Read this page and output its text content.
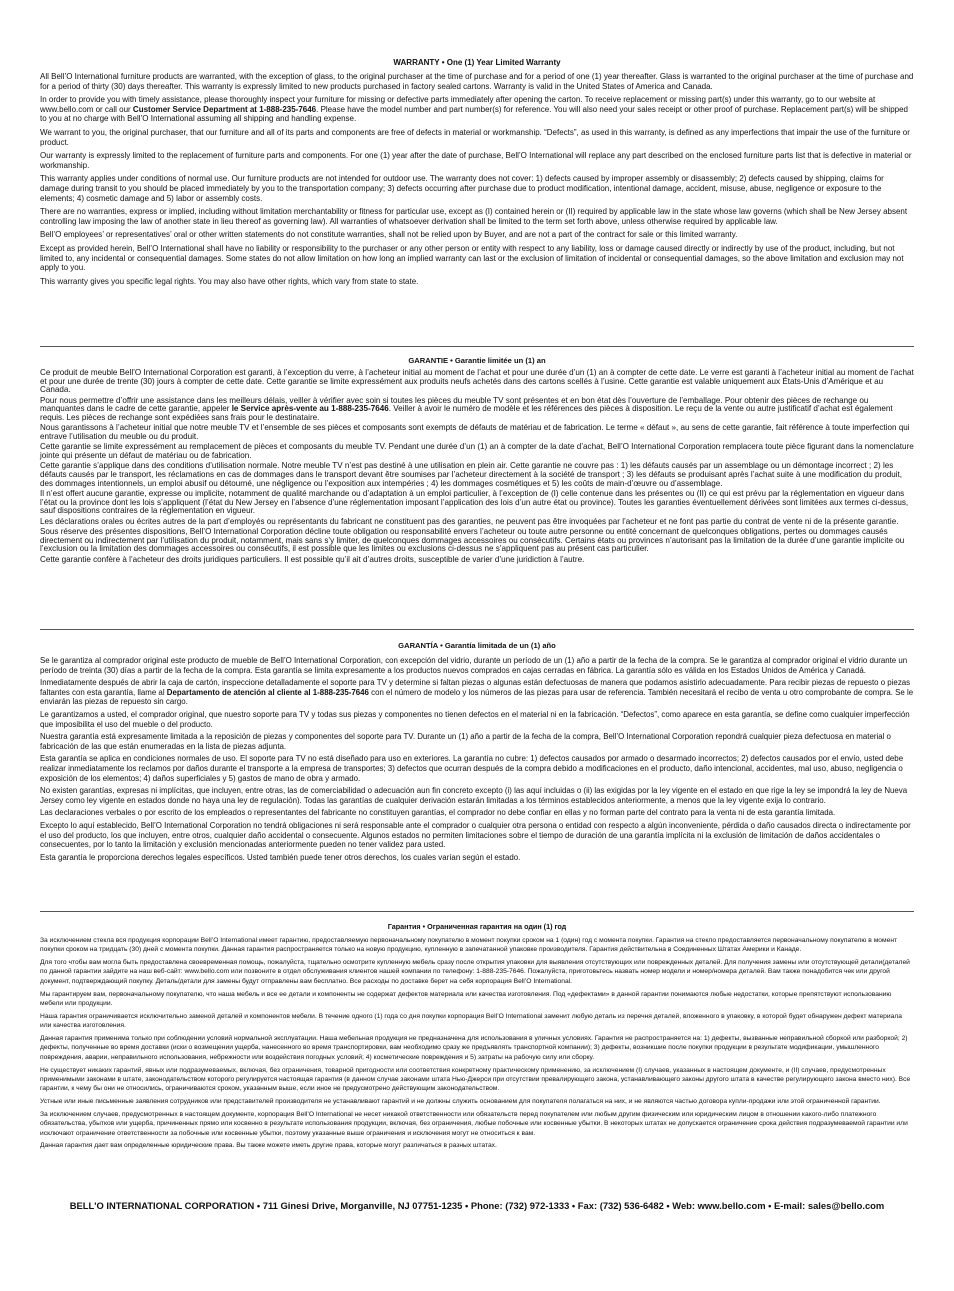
WARRANTY • One (1) Year Limited Warranty

All Bell’O International furniture products are warranted, with the exception of glass, to the original purchaser at the time of purchase and for a period of one (1) year thereafter. Glass is warranted to the original purchaser at the time of purchase and for a period of thirty (30) days thereafter. This warranty is expressly limited to new products purchased in factory sealed cartons. Warranty is valid in the United States of America and Canada.

In order to provide you with timely assistance, please thoroughly inspect your furniture for missing or defective parts immediately after opening the carton. To receive replacement or missing part(s) under this warranty, go to our website at www.bello.com or call our Customer Service Department at 1-888-235-7646. Please have the model number and part number(s) for reference. You will also need your sales receipt or other proof of purchase. Replacement part(s) will be shipped to you at no charge with Bell’O International assuming all shipping and handling expense.

We warrant to you, the original purchaser, that our furniture and all of its parts and components are free of defects in material or workmanship. “Defects”, as used in this warranty, is defined as any imperfections that impair the use of the furniture or product.

Our warranty is expressly limited to the replacement of furniture parts and components. For one (1) year after the date of purchase, Bell’O International will replace any part described on the enclosed furniture parts list that is defective in material or workmanship.

This warranty applies under conditions of normal use. Our furniture products are not intended for outdoor use. The warranty does not cover: 1) defects caused by improper assembly or disassembly; 2) defects caused by shipping, claims for damage during transit to you should be placed immediately by you to the transportation company; 3) defects occurring after purchase due to product modification, intentional damage, accident, misuse, abuse, negligence or exposure to the elements; 4) cosmetic damage and 5) labor or assembly costs.

There are no warranties, express or implied, including without limitation merchantability or fitness for particular use, except as (I) contained herein or (II) required by applicable law in the state whose law governs (which shall be New Jersey absent controlling law imposing the law of another state in lieu thereof as governing law). All warranties of whatsoever derivation shall be limited to the term set forth above, unless otherwise required by applicable law.

Bell’O employees’ or representatives’ oral or other written statements do not constitute warranties, shall not be relied upon by Buyer, and are not a part of the contract for sale or this limited warranty.

Except as provided herein, Bell’O International shall have no liability or responsibility to the purchaser or any other person or entity with respect to any liability, loss or damage caused directly or indirectly by use of the product, including, but not limited to, any incidental or consequential damages. Some states do not allow limitation on how long an implied warranty can last or the exclusion of limitation of incidental or consequential damages, so the above limitation and exclusion may not apply to you.

This warranty gives you specific legal rights. You may also have other rights, which vary from state to state.

GARANTIE • Garantie limitée un (1) an

Ce produit de meuble Bell’O International Corporation est garanti, à l’exception du verre, à l’acheteur initial au moment de l’achat et pour une durée d’un (1) an à compter de cette date. Le verre est garanti à l’acheteur initial au moment de l’achat et pour une durée de trente (30) jours à compter de cette date. Cette garantie se limite expressément aux produits neufs achetés dans des cartons scellés à l’usine. Cette garantie est valable uniquement aux États-Unis d’Amérique et au Canada.

Pour nous permettre d’offrir une assistance dans les meilleurs délais, veiller à vérifier avec soin si toutes les pièces du meuble TV sont présentes et en bon état dès l’ouverture de l’emballage. Pour obtenir des pièces de rechange ou manquantes dans le cadre de cette garantie, appeler le Service après-vente au 1-888-235-7646. Veiller à avoir le numéro de modèle et les références des pièces à disposition. Le reçu de la vente ou autre justificatif d’achat est également requis. Les pièces de rechange sont expédiées sans frais pour le destinataire.

Nous garantissons à l’acheteur initial que notre meuble TV et l’ensemble de ses pièces et composants sont exempts de défauts de matériau et de fabrication. Le terme « défaut », au sens de cette garantie, fait référence à toute imperfection qui entrave l’utilisation du meuble ou du produit.

Cette garantie se limite expressément au remplacement de pièces et composants du meuble TV. Pendant une durée d’un (1) an à compter de la date d’achat, Bell’O International Corporation remplacera toute pièce figurant dans la nomenclature jointe qui présente un défaut de matériau ou de fabrication.

Cette garantie s’applique dans des conditions d’utilisation normale. Notre meuble TV n’est pas destiné à une utilisation en plein air. Cette garantie ne couvre pas : 1) les défauts causés par un assemblage ou un démontage incorrect ; 2) les défauts causés par le transport, les réclamations en cas de dommages dans le transport devant être soumises par l’acheteur directement à la société de transport ; 3) les défauts se produisant après l’achat suite à une modification du produit, des dommages intentionnels, un emploi abusif ou détourné, une négligence ou l’exposition aux intempéries ; 4) les dommages cosmétiques et 5) les coûts de main-d’œuvre ou d’assemblage.

Il n’est offert aucune garantie, expresse ou implicite, notamment de qualité marchande ou d’adaptation à un emploi particulier, à l’exception de (I) celle contenue dans les présentes ou (II) ce qui est prévu par la réglementation en vigueur dans l’état ou la province dont les lois s’appliquent (l’état du New Jersey en l’absence d’une réglementation imposant l’application des lois d’un autre état ou province). Toutes les garanties éventuellement dérivées sont limitées aux termes ci-dessus, sauf dispositions contraires de la réglementation en vigueur.

Les déclarations orales ou écrites autres de la part d’employés ou représentants du fabricant ne constituent pas des garanties, ne peuvent pas être invoquées par l’acheteur et ne font pas partie du contrat de vente ni de la présente garantie.

Sous réserve des présentes dispositions, Bell’O International Corporation décline toute obligation ou responsabilité envers l’acheteur ou toute autre personne ou entité concernant de quelconques obligations, pertes ou dommages causés directement ou indirectement par l’utilisation du produit, notamment, mais sans s’y limiter, de quelconques dommages accessoires ou consécutifs. Certains états ou provinces n’autorisant pas la limitation de la durée d’une garantie implicite ou l’exclusion ou la limitation des dommages accessoires ou consécutifs, il est possible que les limites ou exclusions ci-dessus ne s’appliquent pas au présent cas particulier.

Cette garantie confère à l’acheteur des droits juridiques particuliers. Il est possible qu’il ait d’autres droits, susceptible de varier d’une juridiction à l’autre.

GARANTÍA • Garantía limitada de un (1) año

Se le garantiza al comprador original este producto de mueble de Bell’O International Corporation, con excepción del vidrio, durante un período de un (1) año a partir de la fecha de la compra. Se le garantiza al comprador original el vidrio durante un período de treinta (30) días a partir de la fecha de la compra. Esta garantía se limita expresamente a los productos nuevos comprados en cajas cerradas en fábrica. La garantía sólo es válida en los Estados Unidos de América y Canadá.

Inmediatamente después de abrir la caja de cartón, inspeccione detalladamente el soporte para TV y determine si faltan piezas o algunas están defectuosas de manera que podamos asistirlo adecuadamente. Para recibir piezas de repuesto o piezas faltantes con esta garantía, llame al Departamento de atención al cliente al 1-888-235-7646 con el número de modelo y los números de las piezas para usar de referencia. También necesitará el recibo de venta u otro comprobante de compra. Se le enviarán las piezas de repuesto sin cargo.

Le garantizamos a usted, el comprador original, que nuestro soporte para TV y todas sus piezas y componentes no tienen defectos en el material ni en la fabricación. “Defectos”, como aparece en esta garantía, se define como cualquier imperfección que imposibilita el uso del mueble o del producto.

Nuestra garantía está expresamente limitada a la reposición de piezas y componentes del soporte para TV. Durante un (1) año a partir de la fecha de la compra, Bell’O International Corporation repondrá cualquier pieza defectuosa en material o fabricación de las que están enumeradas en la lista de piezas adjunta.

Esta garantía se aplica en condiciones normales de uso. El soporte para TV no está diseñado para uso en exteriores. La garantía no cubre: 1) defectos causados por armado o desarmado incorrectos; 2) defectos causados por el envío, usted debe realizar inmediatamente los reclamos por daños durante el transporte a la empresa de transportes; 3) defectos que ocurran después de la compra debido a modificaciones en el producto, daño intencional, accidentes, mal uso, abuso, negligencia o exposición de los elementos; 4) daños superficiales y 5) gastos de mano de obra y armado.

No existen garantías, expresas ni implícitas, que incluyen, entre otras, las de comerciabilidad o adecuación aun fin concreto excepto (i) las aquí incluidas o (ii) las exigidas por la ley vigente en el estado en que rige la ley se impondrá la ley de Nueva Jersey como ley vigente en estados donde no haya una ley de regulación). Todas las garantías de cualquier derivación estarán limitadas a los términos establecidos anteriormente, a menos que la ley vigente exija lo contrario.

Las declaraciones verbales o por escrito de los empleados o representantes del fabricante no constituyen garantías, el comprador no debe confiar en ellas y no forman parte del contrato para la venta ni de esta garantía limitada.

Excepto lo aquí establecido, Bell’O International Corporation no tendrá obligaciones ni será responsable ante el comprador o cualquier otra persona o entidad con respecto a algún inconveniente, pérdida o daño causados directa o indirectamente por el uso del producto, los que incluyen, entre otros, cualquier daño accidental o consecuente. Algunos estados no permiten limitaciones sobre el tiempo de duración de una garantía implícita ni la exclusión de limitación de daños accidentales o consecuentes, por lo tanto la limitación y exclusión mencionadas anteriormente pueden no tener validez para usted.

Esta garantía le proporciona derechos legales específicos. Usted también puede tener otros derechos, los cuales varían según el estado.

Гарантия • Ограниченная гарантия на один (1) год

За исключением стекла вся продукция корпорации Bell’O International имеет гарантию, предоставляемую первоначальному покупателю в момент покупки сроком на 1 (один) год с момента покупки. Гарантия на стекло предоставляется первоначальному покупателю в момент покупки сроком на тридцать (30) дней с момента покупки. Данная гарантия распространяется только на новую продукцию, купленную в запечатанной упаковке производителя. Гарантия действительна в Соединенных Штатах Америки и Канаде.

Для того чтобы вам могла быть предоставлена своевременная помощь, пожалуйста, тщательно осмотрите купленную мебель сразу после открытия упаковки для выявления отсутствующих или поврежденных деталей. Для получения замены или отсутствующей детали(деталей по данной гарантии зайдите на наш веб-сайт: www.bello.com или позвоните в отдел обслуживания клиентов нашей компании по телефону: 1-888-235-7646. Пожалуйста, приготовьтесь назвать номер модели и номер/номера деталей. Вам также понадобится чек или другой документ, подтверждающий покупку. Деталь/детали для замены будут отправлены вам бесплатно. Все расходы по доставке берет на себя корпорация Bell’O International.

Мы гарантируем вам, первоначальному покупателю, что наша мебель и все ее детали и компоненты не содержат дефектов материала или качества изготовления. Под «дефектами» в данной гарантии понимаются любые недостатки, которые препятствуют использованию мебели или продукции.

Наша гарантия ограничивается исключительно заменой деталей и компонентов мебели. В течение одного (1) года со дня покупки корпорация Bell’O International заменит любую деталь из перечня деталей, вложенного в упаковку, в которой будет обнаружен дефект материала или качества изготовления.

Данная гарантия применима только при соблюдении условий нормальной эксплуатации. Наша мебельная продукция не предназначена для использования в уличных условиях. Гарантия не распространяется на: 1) дефекты, вызванные неправильной сборкой или разборкой; 2) дефекты, полученные во время доставки (иски о возмещении ущерба, нанесенного во время транспортировки, вам необходимо сразу же предъявлять транспортной компании); 3) дефекты, возникшие после покупки продукции в результате модификации, умышленного повреждения, аварии, неправильного использования, небрежности или воздействия погодных условий; 4) косметические повреждения и 5) затраты на рабочую силу или сборку.

Не существует никаких гарантий, явных или подразумеваемых, включая, без ограничения, товарной пригодности или соответствия конкретному практическому применению, за исключением (I) случаев, указанных в настоящем документе, и (II) случаев, предусмотренных применимыми законами в штате, законодательством которого регулируется настоящая гарантия (в данном случае законами штата Нью-Джерси при отсутствии превалирующего закона, устанавливающего законы другого штата в качестве регулирующего закона вместо них). Все гарантии, к чему бы они не относились, ограничиваются сроком, указанным выше, если иное не предусмотрено действующим законодательством.

Устные или иные письменные заявления сотрудников или представителей производителя не устанавливают гарантий и не должны служить основанием для покупателя полагаться на них, и не являются частью договора купли-продажи или этой ограниченной гарантии.

За исключением случаев, предусмотренных в настоящем документе, корпорация Bell’O International не несет никакой ответственности или обязательств перед покупателем или любым другим физическим или юридическим лицом в отношении какого-либо платежного обязательства, убытков или ущерба, причиненных прямо или косвенно в результате использования продукции, включая, без ограничения, любые побочные или косвенные убытки. В некоторых штатах не допускается ограничение срока действия подразумеваемой гарантии или исключают ограничение ответственности за побочные или косвенные убытки, поэтому указанные выше ограничения и исключения могут не относиться к вам.

Данная гарантия дает вам определенные юридические права. Вы также можете иметь другие права, которые могут различаться в разных штатах.

BELL'O INTERNATIONAL CORPORATION • 711 Ginesi Drive, Morganville, NJ 07751-1235 • Phone: (732) 972-1333 • Fax: (732) 536-6482 • Web: www.bello.com • E-mail: sales@bello.com
